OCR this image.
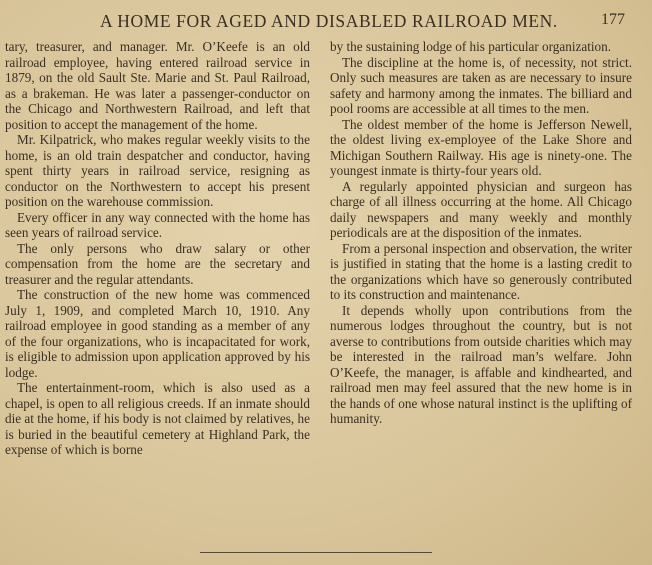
A HOME FOR AGED AND DISABLED RAILROAD MEN.	177

tary, treasurer, and manager. Mr. O’Keefe is an old railroad employee, having entered railroad service in 1879, on the old Sault Ste. Marie and St. Paul Railroad, as a brakeman. He was later a passenger-conductor on the Chicago and Northwestern Railroad, and left that position to accept the management of the home.

Mr. Kilpatrick, who makes regular weekly visits to the home, is an old train despatcher and conductor, having spent thirty years in railroad service, resigning as conductor on the Northwestern to accept his present position on the warehouse commission.

Every officer in any way connected with the home has seen years of railroad service.

The only persons who draw salary or other compensation from the home are the secretary and treasurer and the regular attendants.

The construction of the new home was commenced July 1, 1909, and completed March 10, 1910. Any railroad employee in good standing as a member of any of the four organizations, who is incapacitated for work, is eligible to admission upon application approved by his lodge.

The entertainment-room, which is also used as a chapel, is open to all religious creeds. If an inmate should die at the home, if his body is not claimed by relatives, he is buried in the beautiful cemetery at Highland Park, the expense of which is borne

by the sustaining lodge of his particular organization.

The discipline at the home is, of necessity, not strict. Only such measures are taken as are necessary to insure safety and harmony among the inmates. The billiard and pool rooms are accessible at all times to the men.

The oldest member of the home is Jefferson Newell, the oldest living ex-employee of the Lake Shore and Michigan Southern Railway. His age is ninety-one. The youngest inmate is thirty-four years old.

A regularly appointed physician and surgeon has charge of all illness occurring at the home. All Chicago daily newspapers and many weekly and monthly periodicals are at the disposition of the inmates.

From a personal inspection and observation, the writer is justified in stating that the home is a lasting credit to the organizations which have so generously contributed to its construction and maintenance.

It depends wholly upon contributions from the numerous lodges throughout the country, but is not averse to contributions from outside charities which may be interested in the railroad man’s welfare. John O’Keefe, the manager, is affable and kindhearted, and railroad men may feel assured that the new home is in the hands of one whose natural instinct is the uplifting of humanity.
